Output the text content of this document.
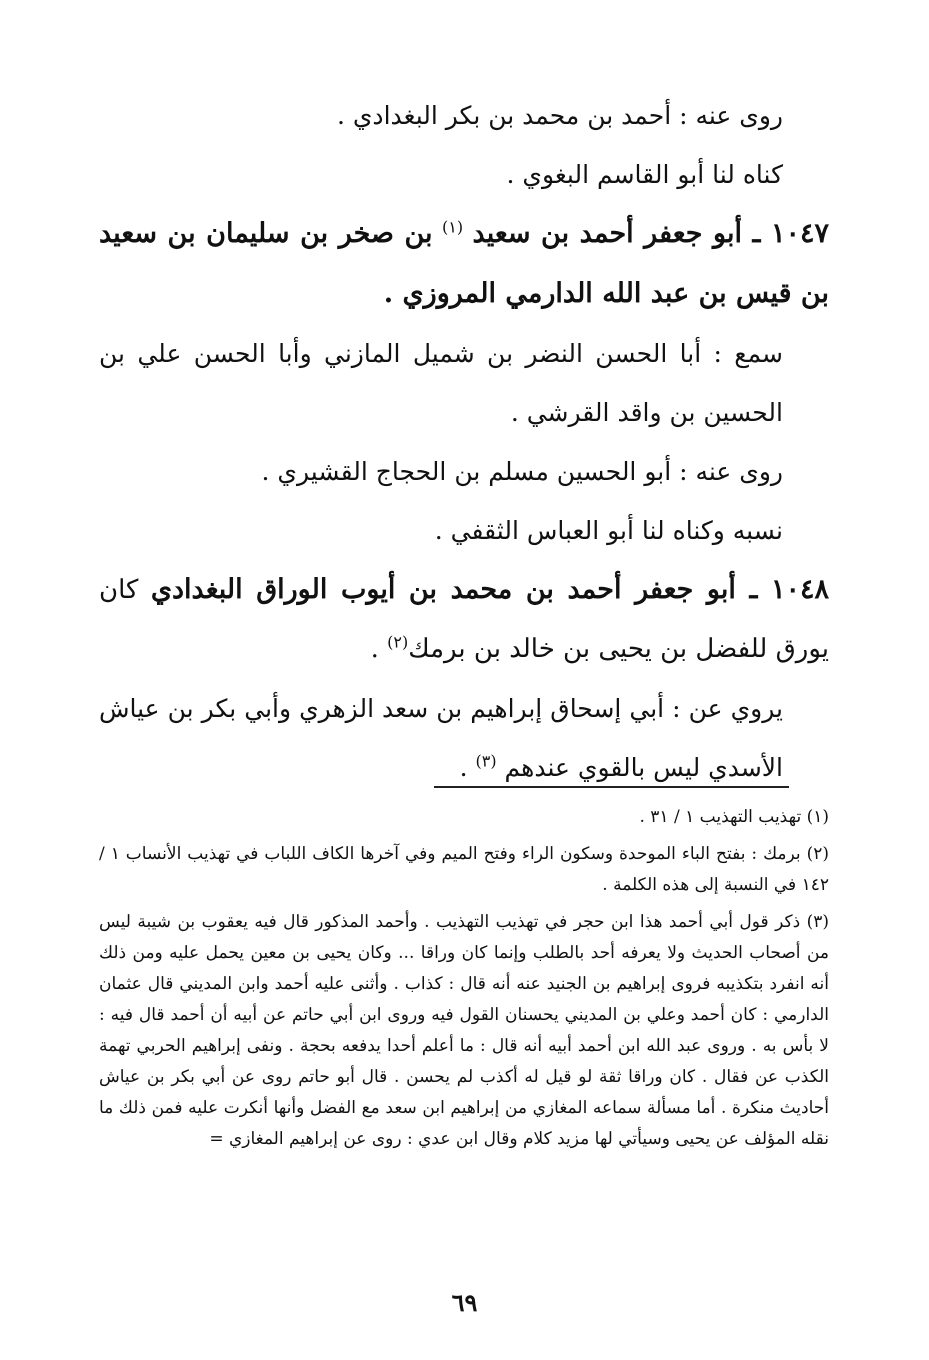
روى عنه : أحمد بن محمد بن بكر البغدادي .

كناه لنا أبو القاسم البغوي .

١٠٤٧ ـ أبو جعفر أحمد بن سعيد $^{(١)}$ بن صخر بن سليمان بن سعيد بن قيس بن عبد الله الدارمي المروزي .

سمع : أبا الحسن النضر بن شميل المازني وأبا الحسن علي بن الحسين بن واقد القرشي .

روى عنه : أبو الحسين مسلم بن الحجاج القشيري .

نسبه وكناه لنا أبو العباس الثقفي .

١٠٤٨ ـ أبو جعفر أحمد بن محمد بن أيوب الوراق البغدادي كان يورق للفضل بن يحيى بن خالد بن برمك$^{(٢)}$ .

يروي عن : أبي إسحاق إبراهيم بن سعد الزهري وأبي بكر بن عياش الأسدي ليس بالقوي عندهم $^{(٣)}$ .

(١) تهذيب التهذيب ١ / ٣١ .

(٢) برمك : بفتح الباء الموحدة وسكون الراء وفتح الميم وفي آخرها الكاف اللباب في تهذيب الأنساب ١ / ١٤٢ في النسبة إلى هذه الكلمة .

(٣) ذكر قول أبي أحمد هذا ابن حجر في تهذيب التهذيب . وأحمد المذكور قال فيه يعقوب بن شيبة ليس من أصحاب الحديث ولا يعرفه أحد بالطلب وإنما كان وراقا ... وكان يحيى بن معين يحمل عليه ومن ذلك أنه انفرد بتكذيبه فروى إبراهيم بن الجنيد عنه أنه قال : كذاب . وأثنى عليه أحمد وابن المديني قال عثمان الدارمي : كان أحمد وعلي بن المديني يحسنان القول فيه وروى ابن أبي حاتم عن أبيه أن أحمد قال فيه : لا بأس به . وروى عبد الله ابن أحمد أبيه أنه قال : ما أعلم أحدا يدفعه بحجة . ونفى إبراهيم الحربي تهمة الكذب عن فقال . كان وراقا ثقة لو قيل له أكذب لم يحسن . قال أبو حاتم روى عن أبي بكر بن عياش أحاديث منكرة . أما مسألة سماعه المغازي من إبراهيم ابن سعد مع الفضل وأنها أنكرت عليه فمن ذلك ما نقله المؤلف عن يحيى وسيأتي لها مزيد كلام وقال ابن عدي : روى عن إبراهيم المغازي =

٦٩
